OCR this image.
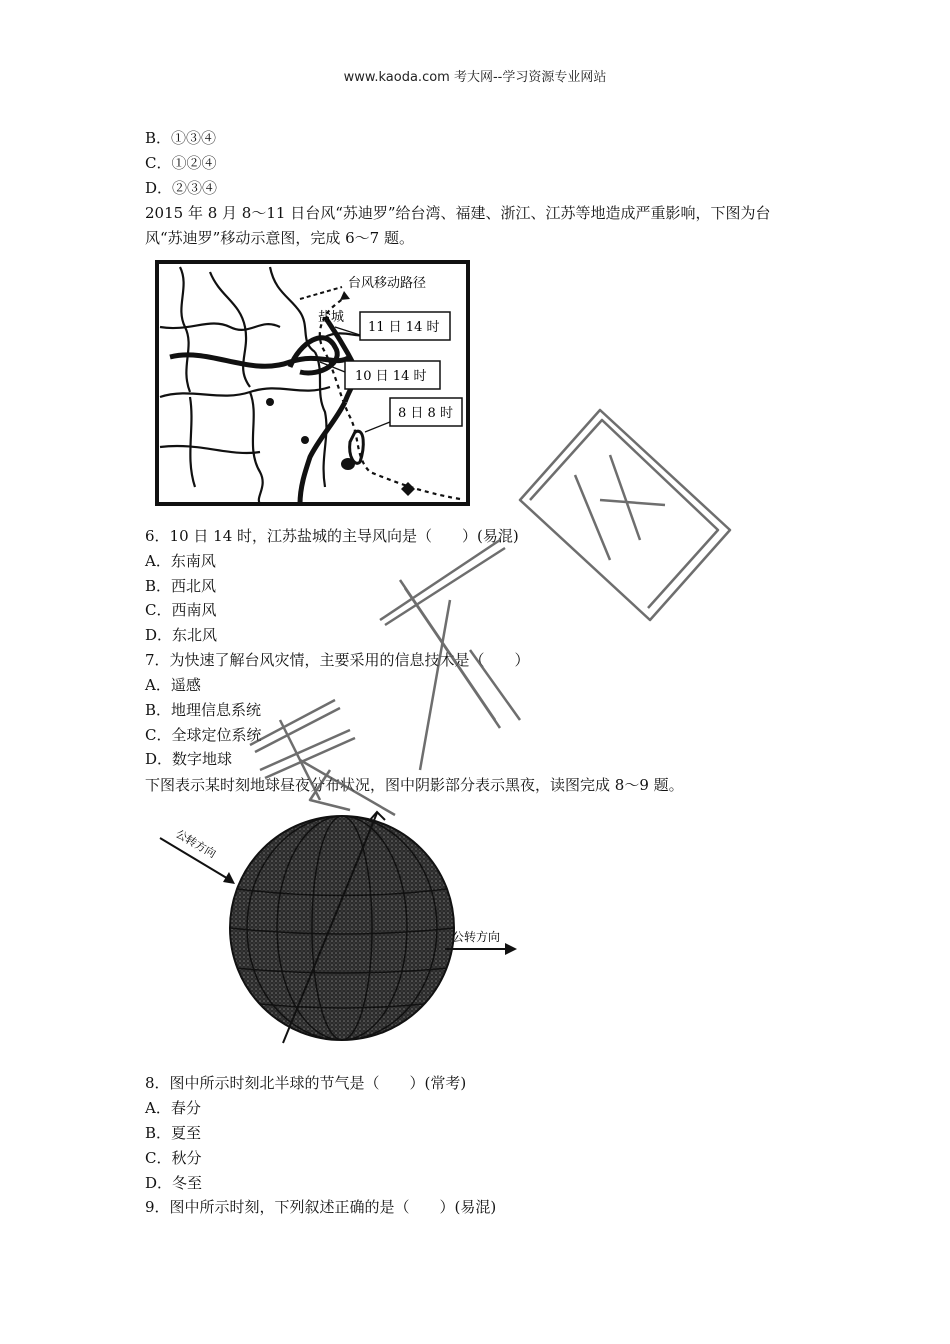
www.kaoda.com 考大网--学习资源专业网站
B．①③④
C．①②④
D．②③④
2015 年 8 月 8～11 日台风“苏迪罗”给台湾、福建、浙江、江苏等地造成严重影响，下图为台
风“苏迪罗”移动示意图，完成 6～7 题。
台风移动路径
盐城
11 日 14 时
10 日 14 时
8 日 8 时
6．10 日 14 时，江苏盐城的主导风向是（　　）(易混)
A．东南风
B．西北风
C．西南风
D．东北风
7．为快速了解台风灾情，主要采用的信息技术是（　　）
A．遥感
B．地理信息系统
C．全球定位系统
D．数字地球
下图表示某时刻地球昼夜分布状况，图中阴影部分表示黑夜，读图完成 8～9 题。
公转方向
公转方向
8．图中所示时刻北半球的节气是（　　）(常考)
A．春分
B．夏至
C．秋分
D．冬至
9．图中所示时刻，下列叙述正确的是（　　）(易混)
